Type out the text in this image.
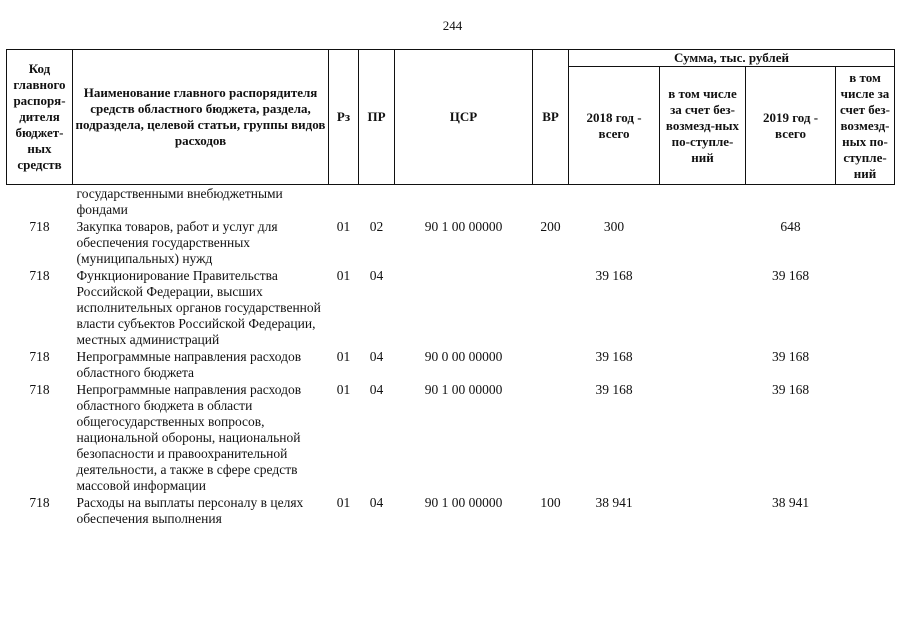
244
Код главного распоря-дителя бюджет-ных средств	Наименование главного распорядителя средств областного бюджета, раздела, подраздела, целевой статьи, группы видов расходов	Рз	ПР	ЦСР	ВР	Сумма, тыс. рублей			
						2018 год - всего	в том числе за счет без-возмезд-ных по-ступле-ний	2019 год - всего	в том числе за счет без-возмезд-ных по-ступле-ний
	государственными внебюджетными фондами								
718	Закупка товаров, работ и услуг для обеспечения государственных (муниципальных) нужд	01	02	90 1 00 00000	200	300		648	
718	Функционирование Правительства Российской Федерации, высших исполнительных органов государственной власти субъектов Российской Федерации, местных администраций	01	04			39 168		39 168	
718	Непрограммные направления расходов областного бюджета	01	04	90 0 00 00000		39 168		39 168	
718	Непрограммные направления расходов областного бюджета в области общегосударственных вопросов, национальной обороны, национальной безопасности и правоохранительной деятельности, а также в сфере средств массовой информации	01	04	90 1 00 00000		39 168		39 168	
718	Расходы на выплаты персоналу в целях обеспечения выполнения	01	04	90 1 00 00000	100	38 941		38 941	
